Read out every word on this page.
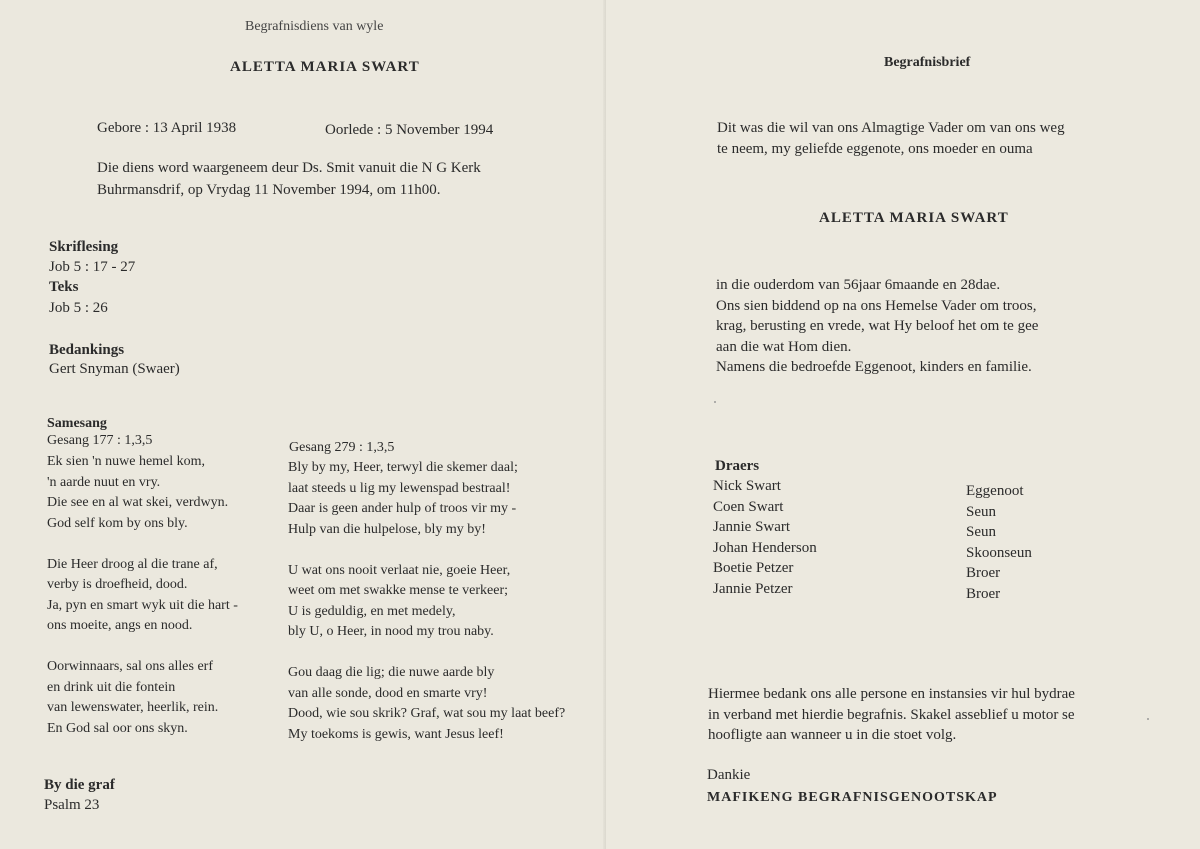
Begrafnisdiens van wyle
ALETTA MARIA SWART
Gebore : 13 April 1938	Oorlede : 5 November 1994
Die diens word waargeneem deur Ds. Smit vanuit die N G Kerk
Buhrmansdrif, op Vrydag 11 November 1994, om 11h00.
Skriflesing
Job 5 : 17 - 27
Teks
Job 5 : 26
Bedankings
Gert Snyman (Swaer)
Samesang
Gesang 177 : 1,3,5
Ek sien 'n nuwe hemel kom,
'n aarde nuut en vry.
Die see en al wat skei, verdwyn.
God self kom by ons bly.
Die Heer droog al die trane af,
verby is droefheid, dood.
Ja, pyn en smart wyk uit die hart -
ons moeite, angs en nood.
Oorwinnaars, sal ons alles erf
en drink uit die fontein
van lewenswater, heerlik, rein.
En God sal oor ons skyn.
Gesang 279 : 1,3,5
Bly by my, Heer, terwyl die skemer daal;
laat steeds u lig my lewenspad bestraal!
Daar is geen ander hulp of troos vir my -
Hulp van die hulpelose, bly my by!
U wat ons nooit verlaat nie, goeie Heer,
weet om met swakke mense te verkeer;
U is geduldig, en met medely,
bly U, o Heer, in nood my trou naby.
Gou daag die lig; die nuwe aarde bly
van alle sonde, dood en smarte vry!
Dood, wie sou skrik? Graf, wat sou my laat beef?
My toekoms is gewis, want Jesus leef!
By die graf
Psalm 23
Begrafnisbrief
Dit was die wil van ons Almagtige Vader om van ons weg
te neem, my geliefde eggenote, ons moeder en ouma
ALETTA MARIA SWART
in die ouderdom van 56jaar 6maande en 28dae.
Ons sien biddend op na ons Hemelse Vader om troos,
krag, berusting en vrede, wat Hy beloof het om te gee
aan die wat Hom dien.
Namens die bedroefde Eggenoot, kinders en familie.
Draers
Nick Swart
Coen Swart
Jannie Swart
Johan Henderson
Boetie Petzer
Jannie Petzer
Eggenoot
Seun
Seun
Skoonseun
Broer
Broer
Hiermee bedank ons alle persone en instansies vir hul bydrae
in verband met hierdie begrafnis. Skakel asseblief u motor se
hoofligte aan wanneer u in die stoet volg.
Dankie
MAFIKENG BEGRAFNISGENOOTSKAP
